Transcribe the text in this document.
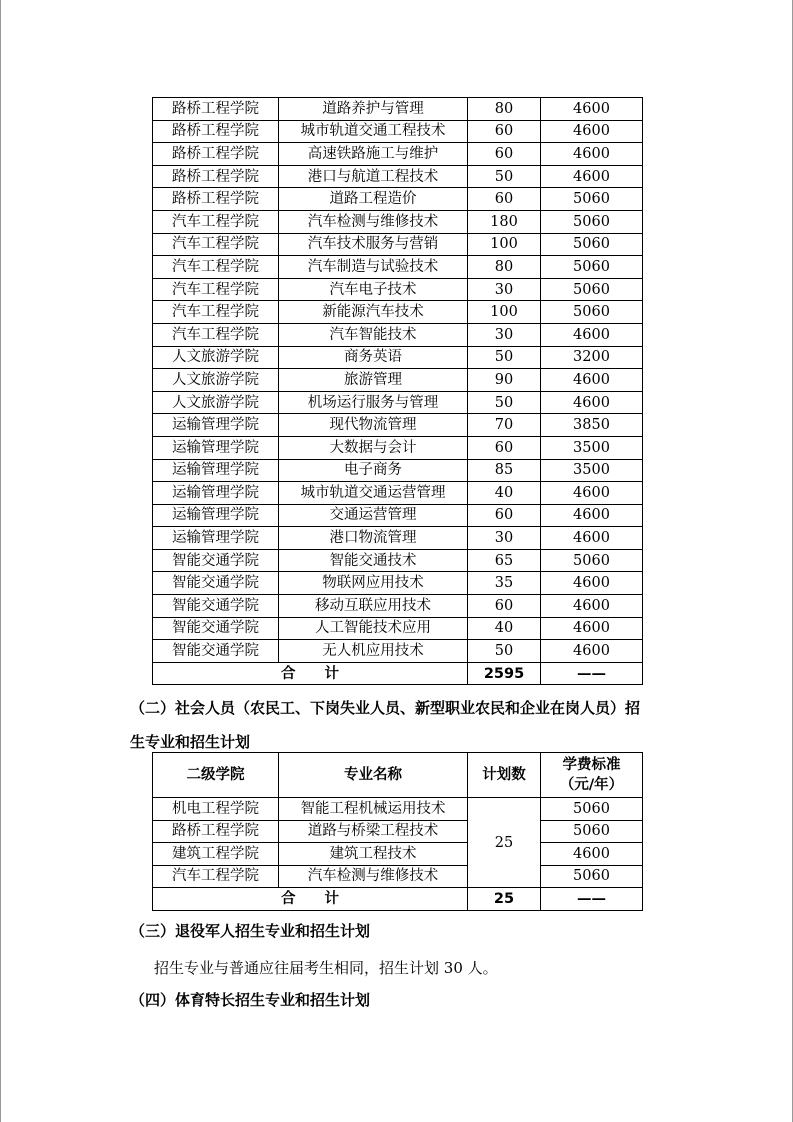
路桥工程学院	道路养护与管理	80	4600
路桥工程学院	城市轨道交通工程技术	60	4600
路桥工程学院	高速铁路施工与维护	60	4600
路桥工程学院	港口与航道工程技术	50	4600
路桥工程学院	道路工程造价	60	5060
汽车工程学院	汽车检测与维修技术	180	5060
汽车工程学院	汽车技术服务与营销	100	5060
汽车工程学院	汽车制造与试验技术	80	5060
汽车工程学院	汽车电子技术	30	5060
汽车工程学院	新能源汽车技术	100	5060
汽车工程学院	汽车智能技术	30	4600
人文旅游学院	商务英语	50	3200
人文旅游学院	旅游管理	90	4600
人文旅游学院	机场运行服务与管理	50	4600
运输管理学院	现代物流管理	70	3850
运输管理学院	大数据与会计	60	3500
运输管理学院	电子商务	85	3500
运输管理学院	城市轨道交通运营管理	40	4600
运输管理学院	交通运营管理	60	4600
运输管理学院	港口物流管理	30	4600
智能交通学院	智能交通技术	65	5060
智能交通学院	物联网应用技术	35	4600
智能交通学院	移动互联应用技术	60	4600
智能交通学院	人工智能技术应用	40	4600
智能交通学院	无人机应用技术	50	4600
合　　计		2595	——
（二）社会人员（农民工、下岗失业人员、新型职业农民和企业在岗人员）招
生专业和招生计划
二级学院	专业名称	计划数	学费标准
（元/年）

机电工程学院	智能工程机械运用技术	25	5060
路桥工程学院	道路与桥梁工程技术		5060
建筑工程学院	建筑工程技术		4600
汽车工程学院	汽车检测与维修技术		5060
合　　计		25	——
（三）退役军人招生专业和招生计划
招生专业与普通应往届考生相同，招生计划 30 人。
（四）体育特长招生专业和招生计划
